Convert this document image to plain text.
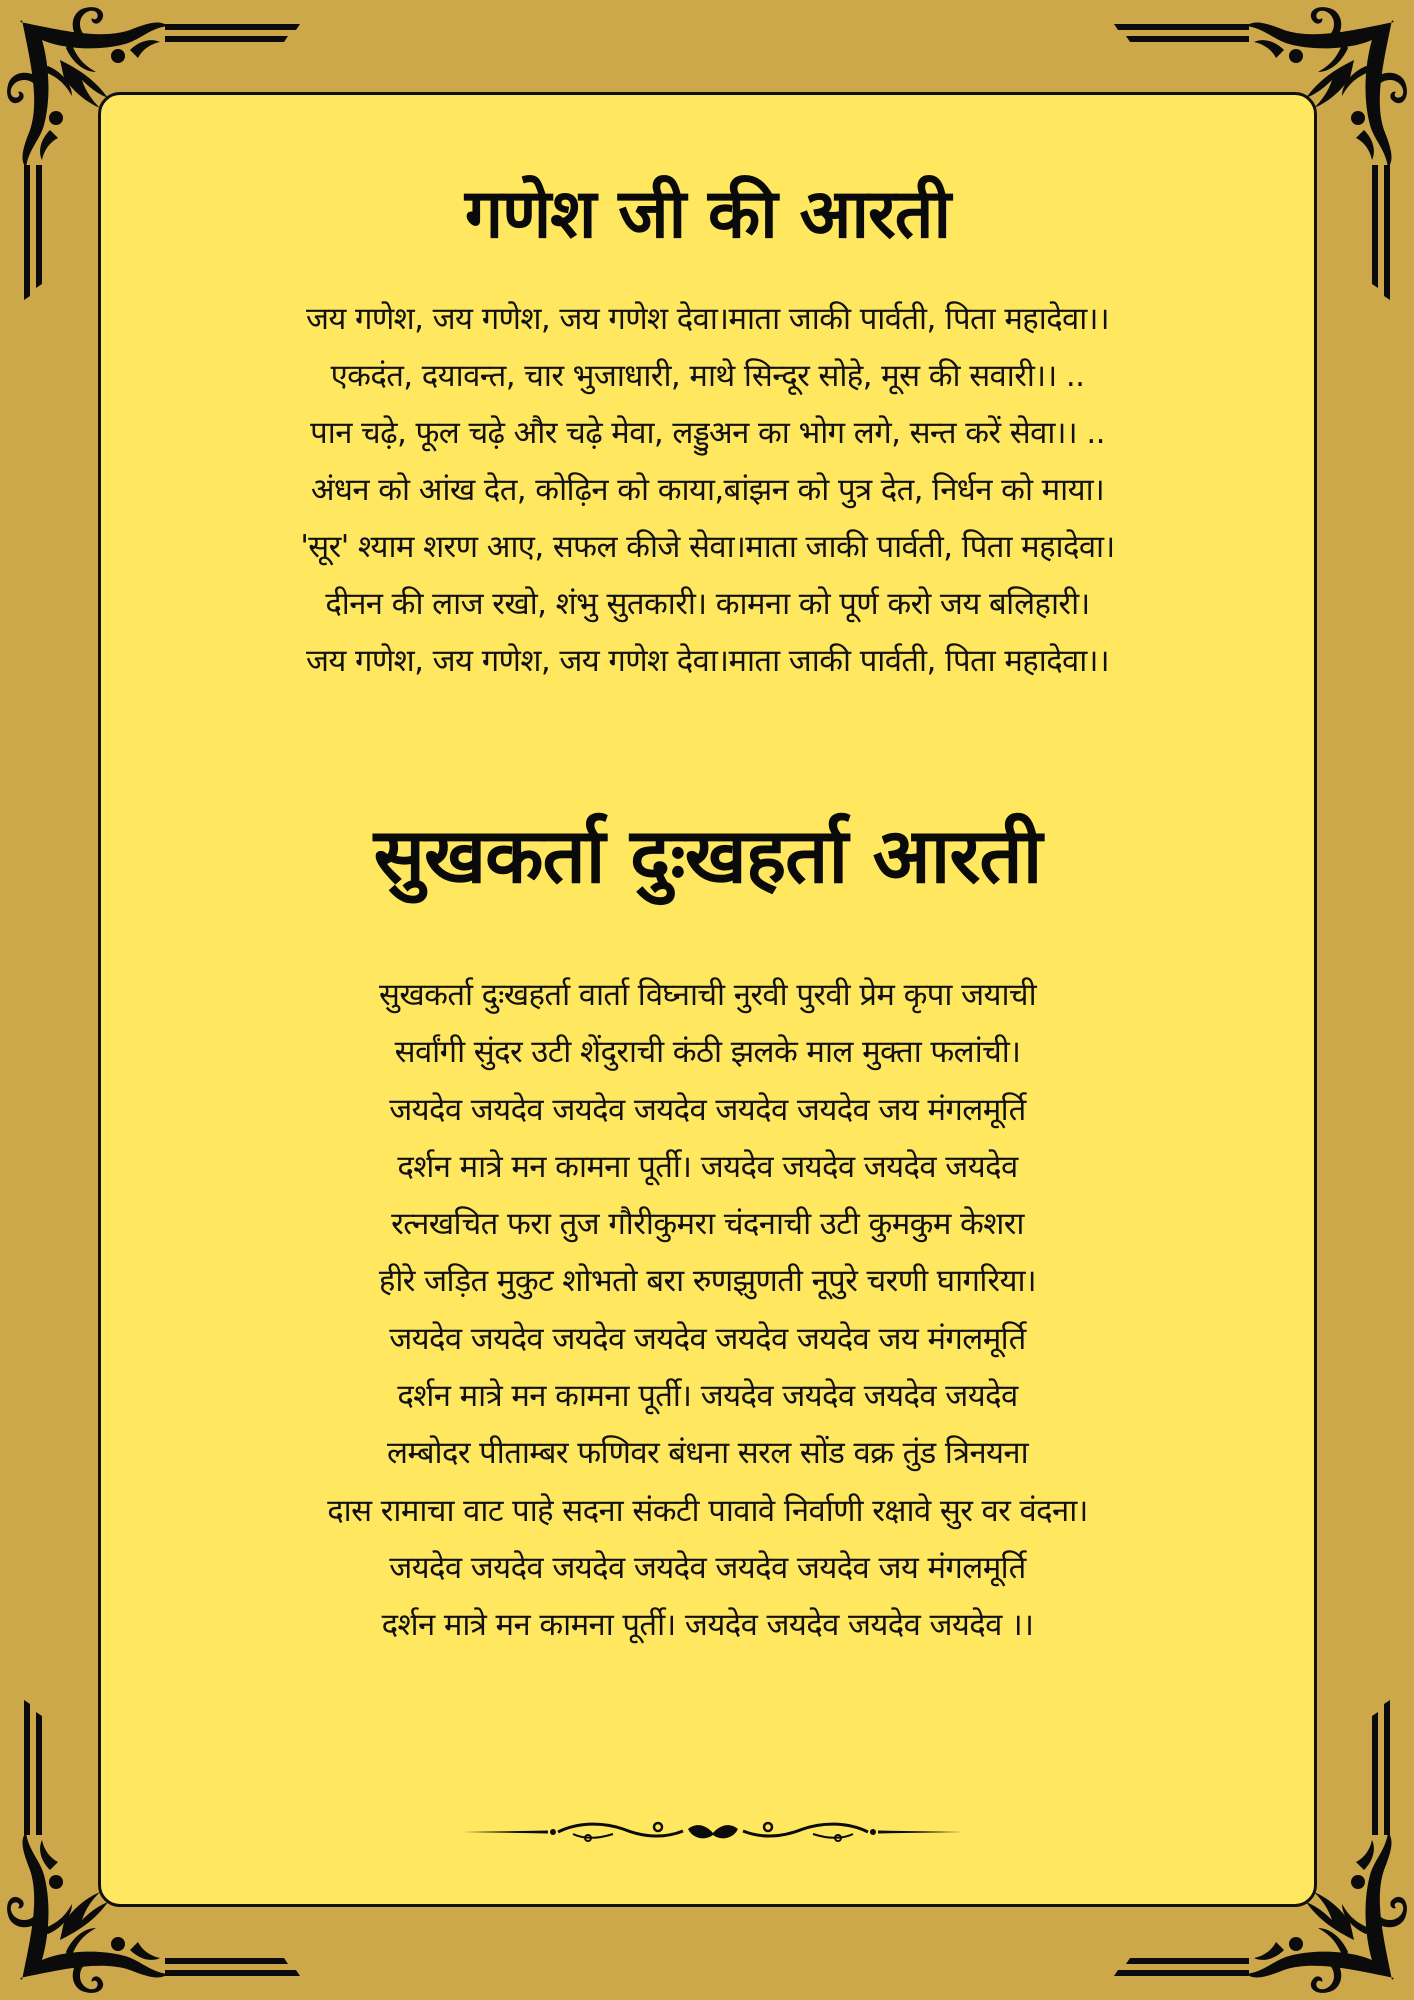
गणेश जी की आरती
जय गणेश, जय गणेश, जय गणेश देवा।माता जाकी पार्वती, पिता महादेवा।।
एकदंत, दयावन्त, चार भुजाधारी, माथे सिन्दूर सोहे, मूस की सवारी।। ..
पान चढ़े, फूल चढ़े और चढ़े मेवा, लड्डुअन का भोग लगे, सन्त करें सेवा।। ..
अंधन को आंख देत, कोढ़िन को काया,बांझन को पुत्र देत, निर्धन को माया।
'सूर' श्याम शरण आए, सफल कीजे सेवा।माता जाकी पार्वती, पिता महादेवा।
दीनन की लाज रखो, शंभु सुतकारी। कामना को पूर्ण करो जय बलिहारी।
जय गणेश, जय गणेश, जय गणेश देवा।माता जाकी पार्वती, पिता महादेवा।।
सुखकर्ता दुःखहर्ता आरती
सुखकर्ता दुःखहर्ता वार्ता विघ्नाची नुरवी पुरवी प्रेम कृपा जयाची
सर्वांगी सुंदर उटी शेंदुराची कंठी झलके माल मुक्ता फलांची।
जयदेव जयदेव जयदेव जयदेव जयदेव जयदेव जय मंगलमूर्ति
दर्शन मात्रे मन कामना पूर्ती। जयदेव जयदेव जयदेव जयदेव
रत्नखचित फरा तुज गौरीकुमरा चंदनाची उटी कुमकुम केशरा
हीरे जड़ित मुकुट शोभतो बरा रुणझुणती नूपुरे चरणी घागरिया।
जयदेव जयदेव जयदेव जयदेव जयदेव जयदेव जय मंगलमूर्ति
दर्शन मात्रे मन कामना पूर्ती। जयदेव जयदेव जयदेव जयदेव
लम्बोदर पीताम्बर फणिवर बंधना सरल सोंड वक्र तुंड त्रिनयना
दास रामाचा वाट पाहे सदना संकटी पावावे निर्वाणी रक्षावे सुर वर वंदना।
जयदेव जयदेव जयदेव जयदेव जयदेव जयदेव जय मंगलमूर्ति
दर्शन मात्रे मन कामना पूर्ती। जयदेव जयदेव जयदेव जयदेव ।।
